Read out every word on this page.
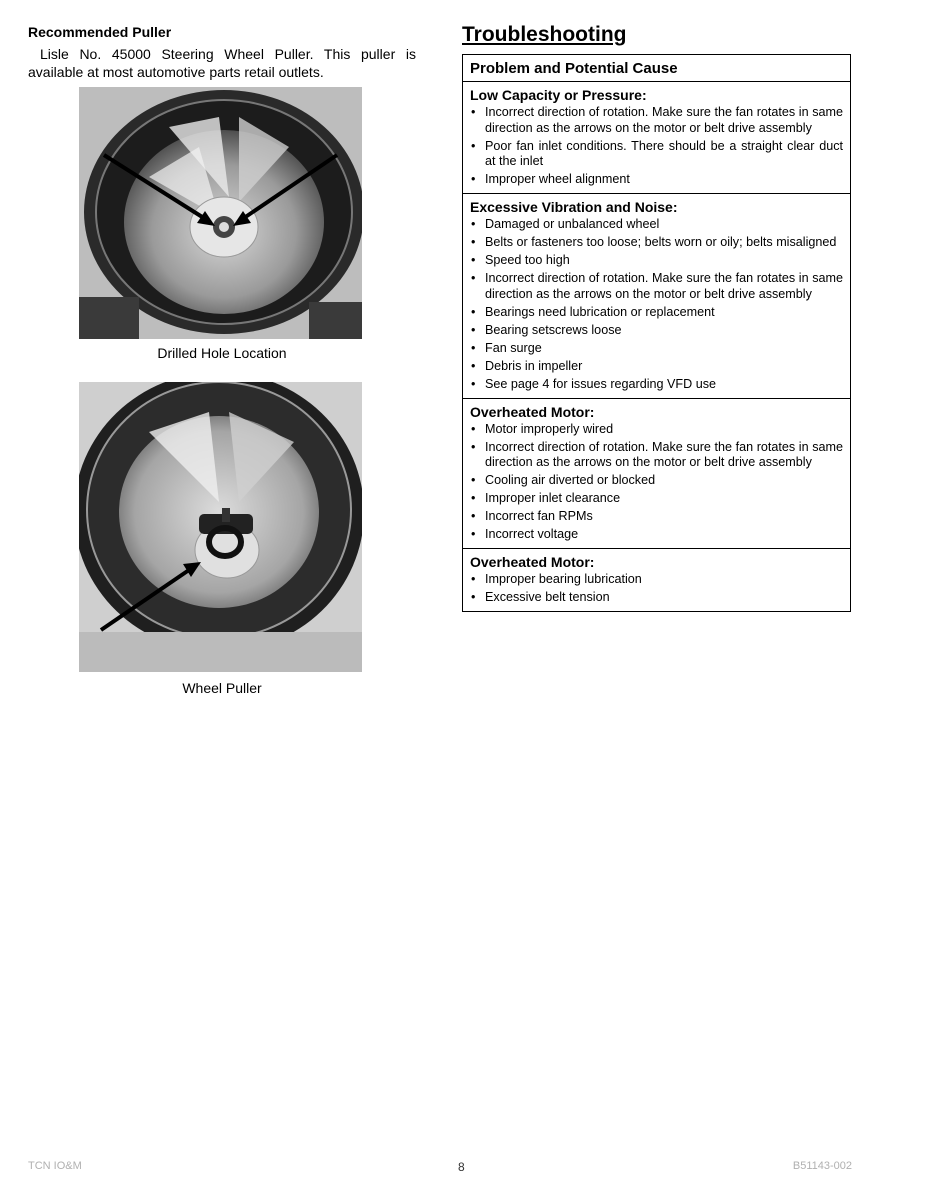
Recommended Puller

Lisle No. 45000 Steering Wheel Puller. This puller is available at most automotive parts retail outlets.

Drilled Hole Location
Wheel Puller
Troubleshooting
Problem and Potential Cause
Low Capacity or Pressure:
• Incorrect direction of rotation. Make sure the fan rotates in same direction as the arrows on the motor or belt drive assembly
• Poor fan inlet conditions. There should be a straight clear duct at the inlet
• Improper wheel alignment
Excessive Vibration and Noise:
• Damaged or unbalanced wheel
• Belts or fasteners too loose; belts worn or oily; belts misaligned
• Speed too high
• Incorrect direction of rotation. Make sure the fan rotates in same direction as the arrows on the motor or belt drive assembly
• Bearings need lubrication or replacement
• Bearing setscrews loose
• Fan surge
• Debris in impeller
• See page 4 for issues regarding VFD use
Overheated Motor:
• Motor improperly wired
• Incorrect direction of rotation. Make sure the fan rotates in same direction as the arrows on the motor or belt drive assembly
• Cooling air diverted or blocked
• Improper inlet clearance
• Incorrect fan RPMs
• Incorrect voltage
Overheated Motor:
• Improper bearing lubrication
• Excessive belt tension
TCN IO&M	8	B51143-002
